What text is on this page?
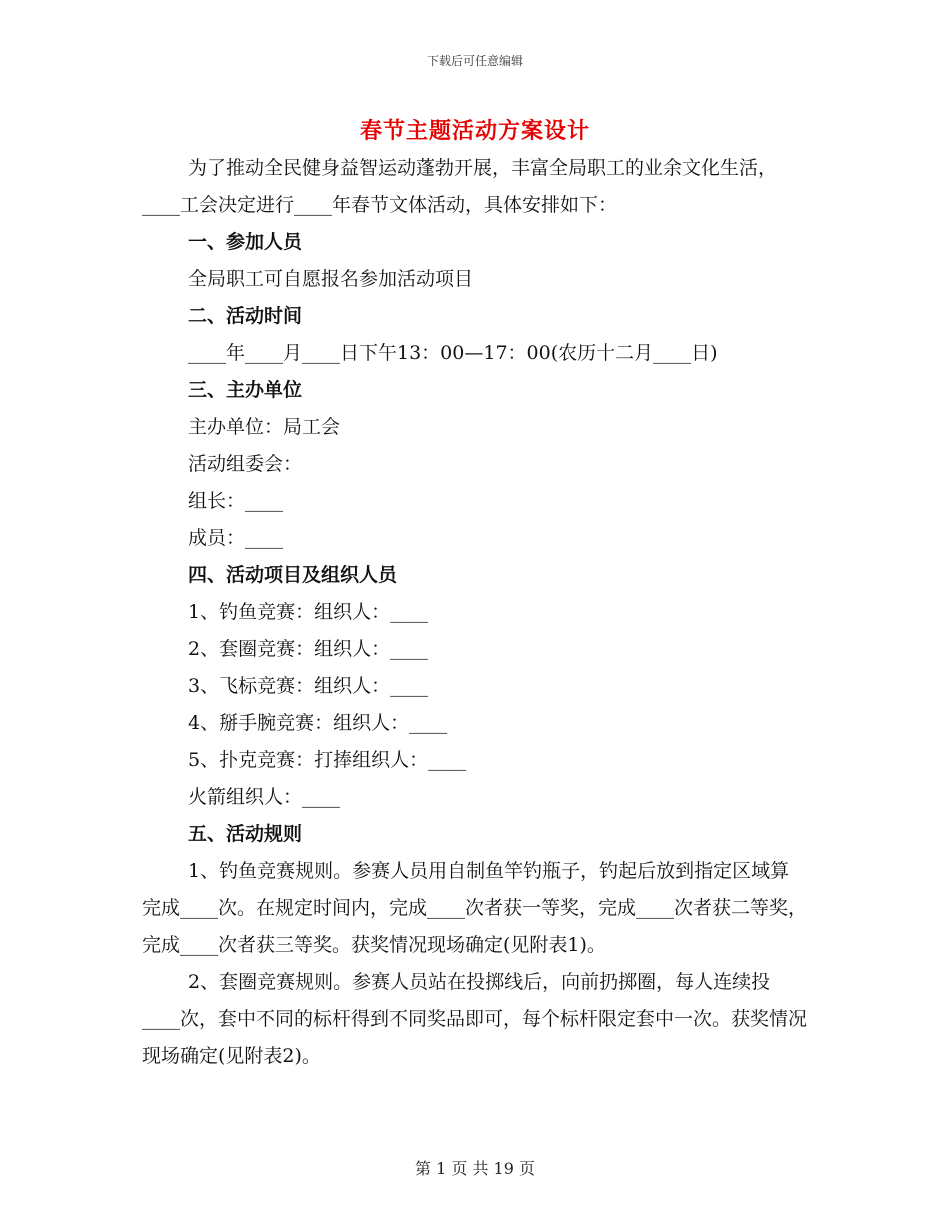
下载后可任意编辑
春节主题活动方案设计

为了推动全民健身益智运动蓬勃开展，丰富全局职工的业余文化生活，____工会决定进行____年春节文体活动，具体安排如下：

一、参加人员
全局职工可自愿报名参加活动项目
二、活动时间
____年____月____日下午13：00—17：00(农历十二月____日)
三、主办单位
主办单位：局工会
活动组委会：
组长：____
成员：____
四、活动项目及组织人员
1、钓鱼竞赛：组织人：____
2、套圈竞赛：组织人：____
3、飞标竞赛：组织人：____
4、掰手腕竞赛：组织人：____
5、扑克竞赛：打捧组织人：____
火箭组织人：____
五、活动规则

1、钓鱼竞赛规则。参赛人员用自制鱼竿钓瓶子，钓起后放到指定区域算完成____次。在规定时间内，完成____次者获一等奖，完成____次者获二等奖，完成____次者获三等奖。获奖情况现场确定(见附表1)。

2、套圈竞赛规则。参赛人员站在投掷线后，向前扔掷圈，每人连续投____次，套中不同的标杆得到不同奖品即可，每个标杆限定套中一次。获奖情况现场确定(见附表2)。

第 1 页 共 19 页
